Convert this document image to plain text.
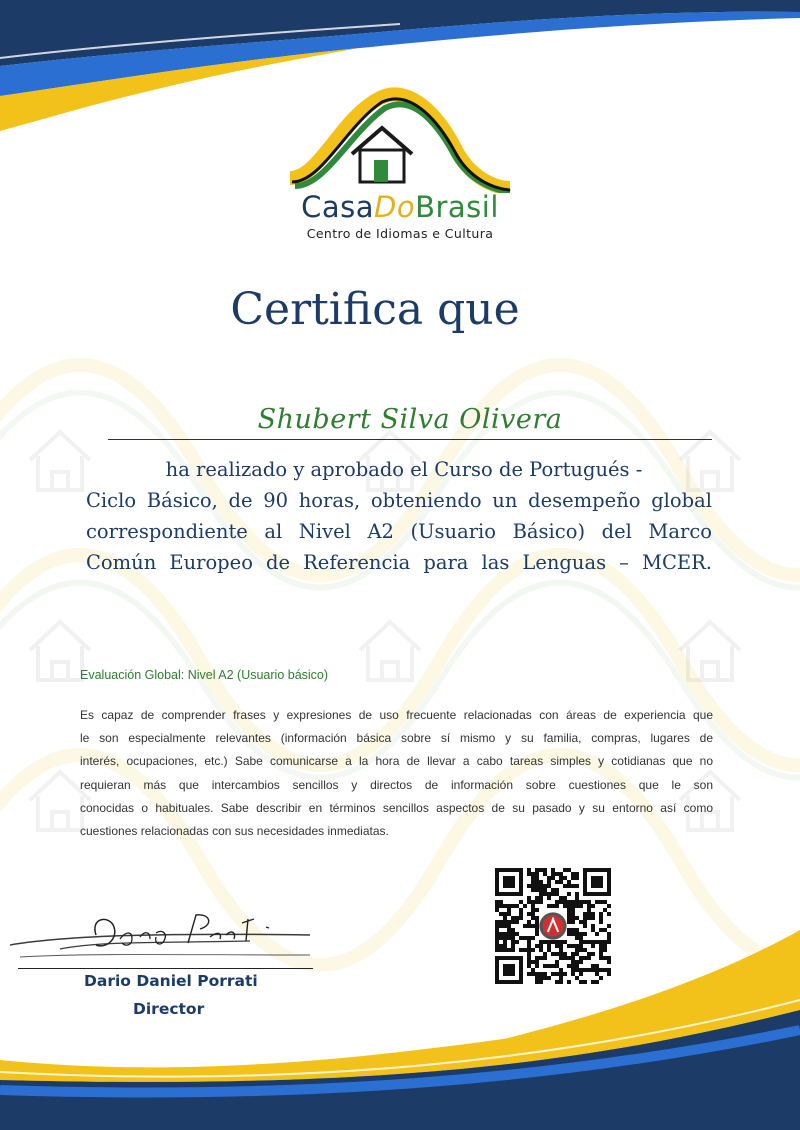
CasaDoBrasil
Centro de Idiomas e Cultura
Certifica que
Shubert Silva Olivera
ha realizado y aprobado el Curso de Portugués -
Ciclo Básico, de 90 horas, obteniendo un desempeño global
correspondiente al Nivel A2 (Usuario Básico) del Marco
Común Europeo de Referencia para las Lenguas – MCER.
Evaluación Global: Nivel A2 (Usuario básico)
Es capaz de comprender frases y expresiones de uso frecuente relacionadas con áreas de experiencia que
le son especialmente relevantes (información básica sobre sí mismo y su familia, compras, lugares de
interés, ocupaciones, etc.) Sabe comunicarse a la hora de llevar a cabo tareas simples y cotidianas que no
requieran más que intercambios sencillos y directos de información sobre cuestiones que le son
conocidas o habituales. Sabe describir en términos sencillos aspectos de su pasado y su entorno así como
cuestiones relacionadas con sus necesidades inmediatas.
Dario Daniel Porrati
Director
